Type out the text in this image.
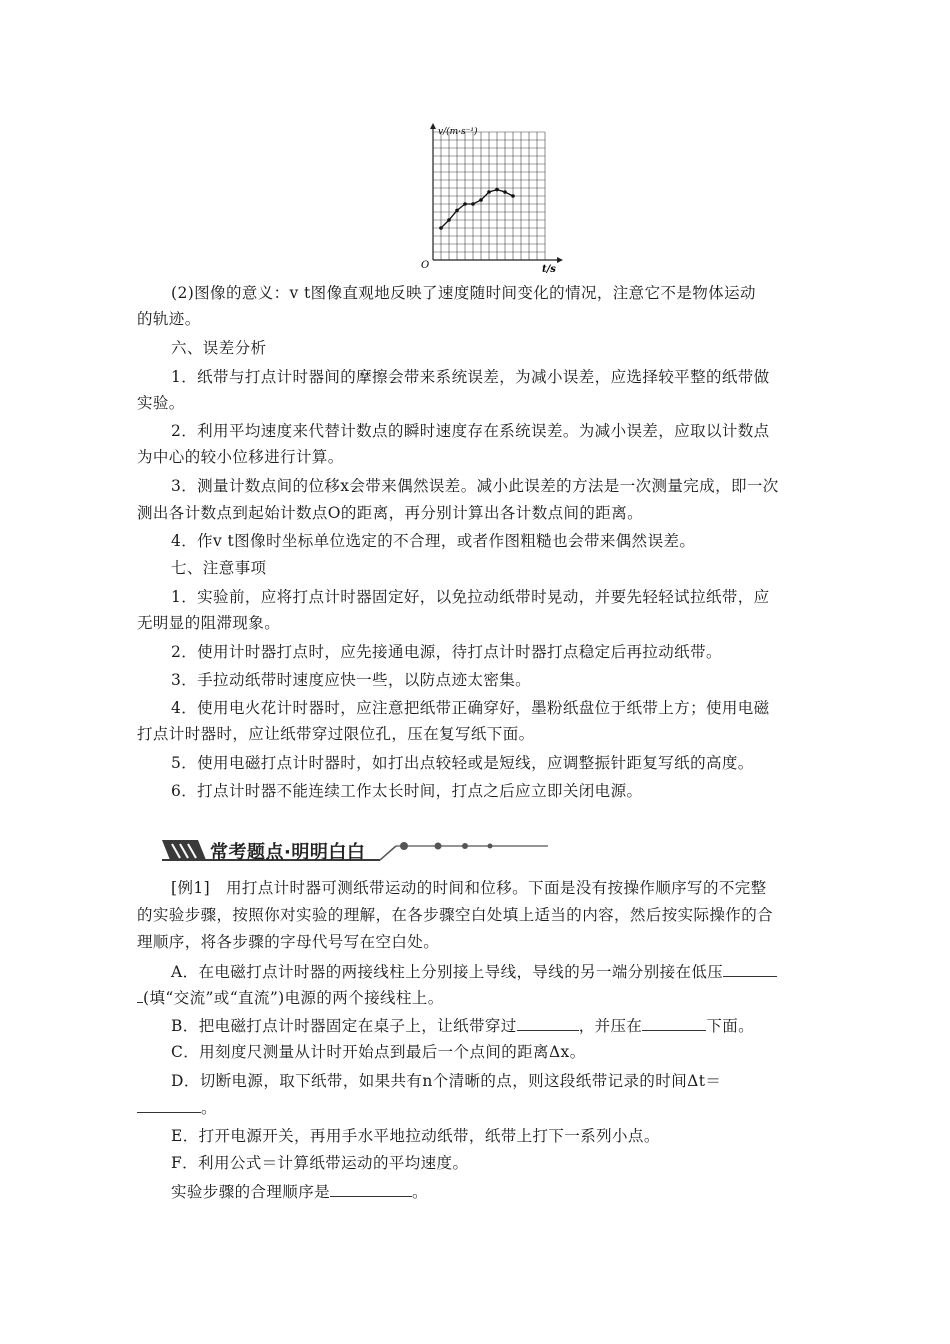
v/(m·s⁻¹)
t/s
O
(2)图像的意义：v t图像直观地反映了速度随时间变化的情况，注意它不是物体运动
的轨迹。
六、误差分析
1．纸带与打点计时器间的摩擦会带来系统误差，为减小误差，应选择较平整的纸带做
实验。
2．利用平均速度来代替计数点的瞬时速度存在系统误差。为减小误差，应取以计数点
为中心的较小位移进行计算。
3．测量计数点间的位移x会带来偶然误差。减小此误差的方法是一次测量完成，即一次
测出各计数点到起始计数点O的距离，再分别计算出各计数点间的距离。
4．作v t图像时坐标单位选定的不合理，或者作图粗糙也会带来偶然误差。
七、注意事项
1．实验前，应将打点计时器固定好，以免拉动纸带时晃动，并要先轻轻试拉纸带，应
无明显的阻滞现象。
2．使用计时器打点时，应先接通电源，待打点计时器打点稳定后再拉动纸带。
3．手拉动纸带时速度应快一些，以防点迹太密集。
4．使用电火花计时器时，应注意把纸带正确穿好，墨粉纸盘位于纸带上方；使用电磁
打点计时器时，应让纸带穿过限位孔，压在复写纸下面。
5．使用电磁打点计时器时，如打出点较轻或是短线，应调整振针距复写纸的高度。
6．打点计时器不能连续工作太长时间，打点之后应立即关闭电源。
常考题点·明明白白
[例1]　用打点计时器可测纸带运动的时间和位移。下面是没有按操作顺序写的不完整
的实验步骤，按照你对实验的理解，在各步骤空白处填上适当的内容，然后按实际操作的合
理顺序，将各步骤的字母代号写在空白处。
A．在电磁打点计时器的两接线柱上分别接上导线，导线的另一端分别接在低压
(填“交流”或“直流”)电源的两个接线柱上。
B．把电磁打点计时器固定在桌子上，让纸带穿过	，并压在	下面。
C．用刻度尺测量从计时开始点到最后一个点间的距离Δx。
D．切断电源，取下纸带，如果共有n个清晰的点，则这段纸带记录的时间Δt＝
。
E．打开电源开关，再用手水平地拉动纸带，纸带上打下一系列小点。
F．利用公式＝计算纸带运动的平均速度。
实验步骤的合理顺序是	。
